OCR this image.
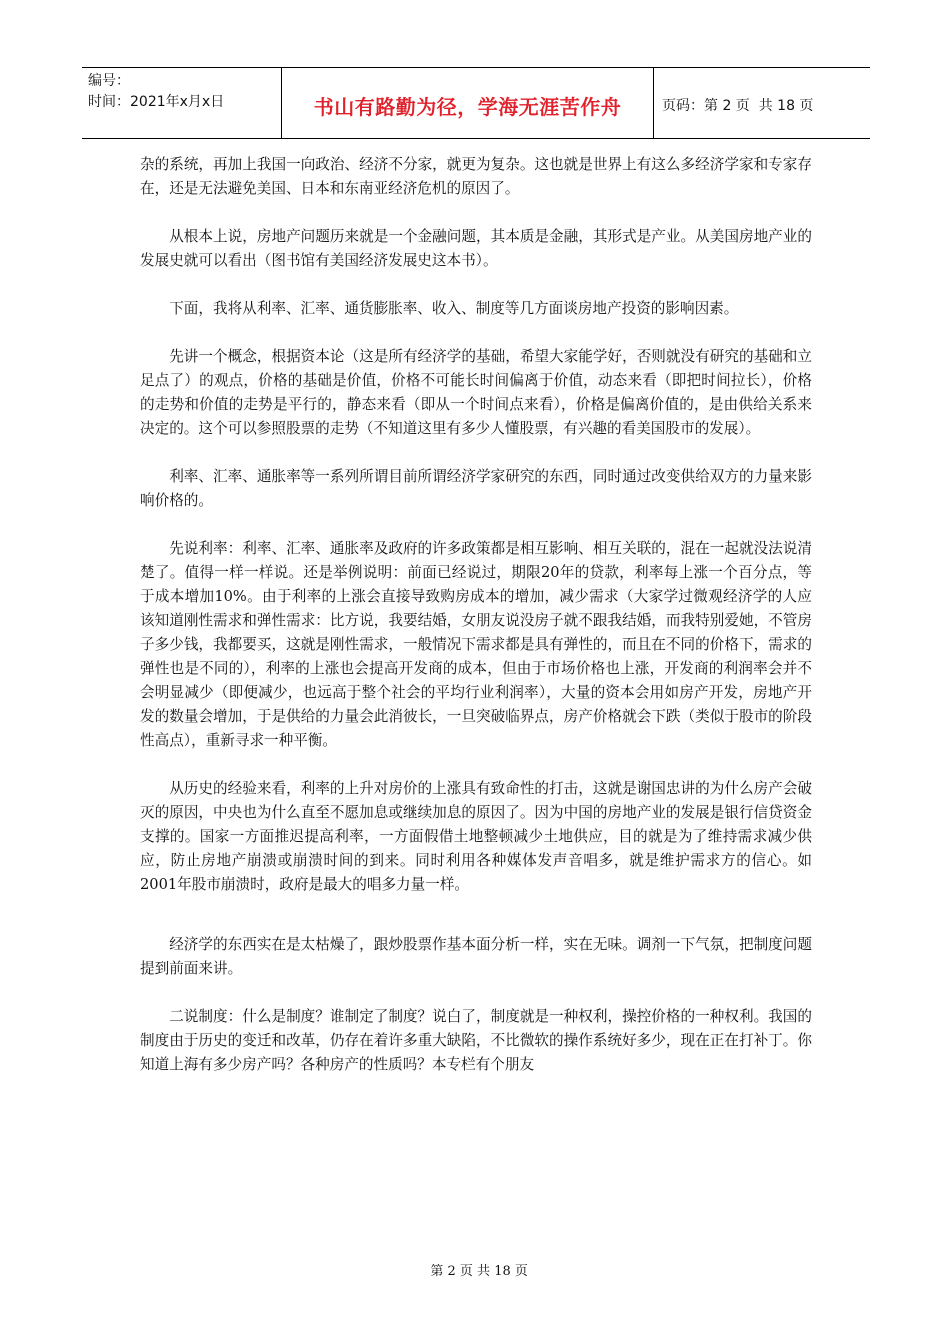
编号：
时间：2021年x月x日	书山有路勤为径，学海无涯苦作舟	页码：第 2 页  共 18 页

杂的系统，再加上我国一向政治、经济不分家，就更为复杂。这也就是世界上有这么多经济学家和专家存在，还是无法避免美国、日本和东南亚经济危机的原因了。

从根本上说，房地产问题历来就是一个金融问题，其本质是金融，其形式是产业。从美国房地产业的发展史就可以看出（图书馆有美国经济发展史这本书）。

下面，我将从利率、汇率、通货膨胀率、收入、制度等几方面谈房地产投资的影响因素。

先讲一个概念，根据资本论（这是所有经济学的基础，希望大家能学好，否则就没有研究的基础和立足点了）的观点，价格的基础是价值，价格不可能长时间偏离于价值，动态来看（即把时间拉长），价格的走势和价值的走势是平行的，静态来看（即从一个时间点来看），价格是偏离价值的，是由供给关系来决定的。这个可以参照股票的走势（不知道这里有多少人懂股票，有兴趣的看美国股市的发展）。

利率、汇率、通胀率等一系列所谓目前所谓经济学家研究的东西，同时通过改变供给双方的力量来影响价格的。

先说利率：利率、汇率、通胀率及政府的许多政策都是相互影响、相互关联的，混在一起就没法说清楚了。值得一样一样说。还是举例说明：前面已经说过，期限20年的贷款，利率每上涨一个百分点，等于成本增加10%。由于利率的上涨会直接导致购房成本的增加，减少需求（大家学过微观经济学的人应该知道刚性需求和弹性需求：比方说，我要结婚，女朋友说没房子就不跟我结婚，而我特别爱她，不管房子多少钱，我都要买，这就是刚性需求，一般情况下需求都是具有弹性的，而且在不同的价格下，需求的弹性也是不同的），利率的上涨也会提高开发商的成本，但由于市场价格也上涨，开发商的利润率会并不会明显减少（即便减少，也远高于整个社会的平均行业利润率），大量的资本会用如房产开发，房地产开发的数量会增加，于是供给的力量会此消彼长，一旦突破临界点，房产价格就会下跌（类似于股市的阶段性高点），重新寻求一种平衡。

从历史的经验来看，利率的上升对房价的上涨具有致命性的打击，这就是谢国忠讲的为什么房产会破灭的原因，中央也为什么直至不愿加息或继续加息的原因了。因为中国的房地产业的发展是银行信贷资金支撑的。国家一方面推迟提高利率，一方面假借土地整顿减少土地供应，目的就是为了维持需求减少供应，防止房地产崩溃或崩溃时间的到来。同时利用各种媒体发声音唱多，就是维护需求方的信心。如2001年股市崩溃时，政府是最大的唱多力量一样。

经济学的东西实在是太枯燥了，跟炒股票作基本面分析一样，实在无味。调剂一下气氛，把制度问题提到前面来讲。

二说制度：什么是制度？谁制定了制度？说白了，制度就是一种权利，操控价格的一种权利。我国的制度由于历史的变迁和改革，仍存在着许多重大缺陷，不比微软的操作系统好多少，现在正在打补丁。你知道上海有多少房产吗？各种房产的性质吗？本专栏有个朋友

第 2 页 共 18 页
